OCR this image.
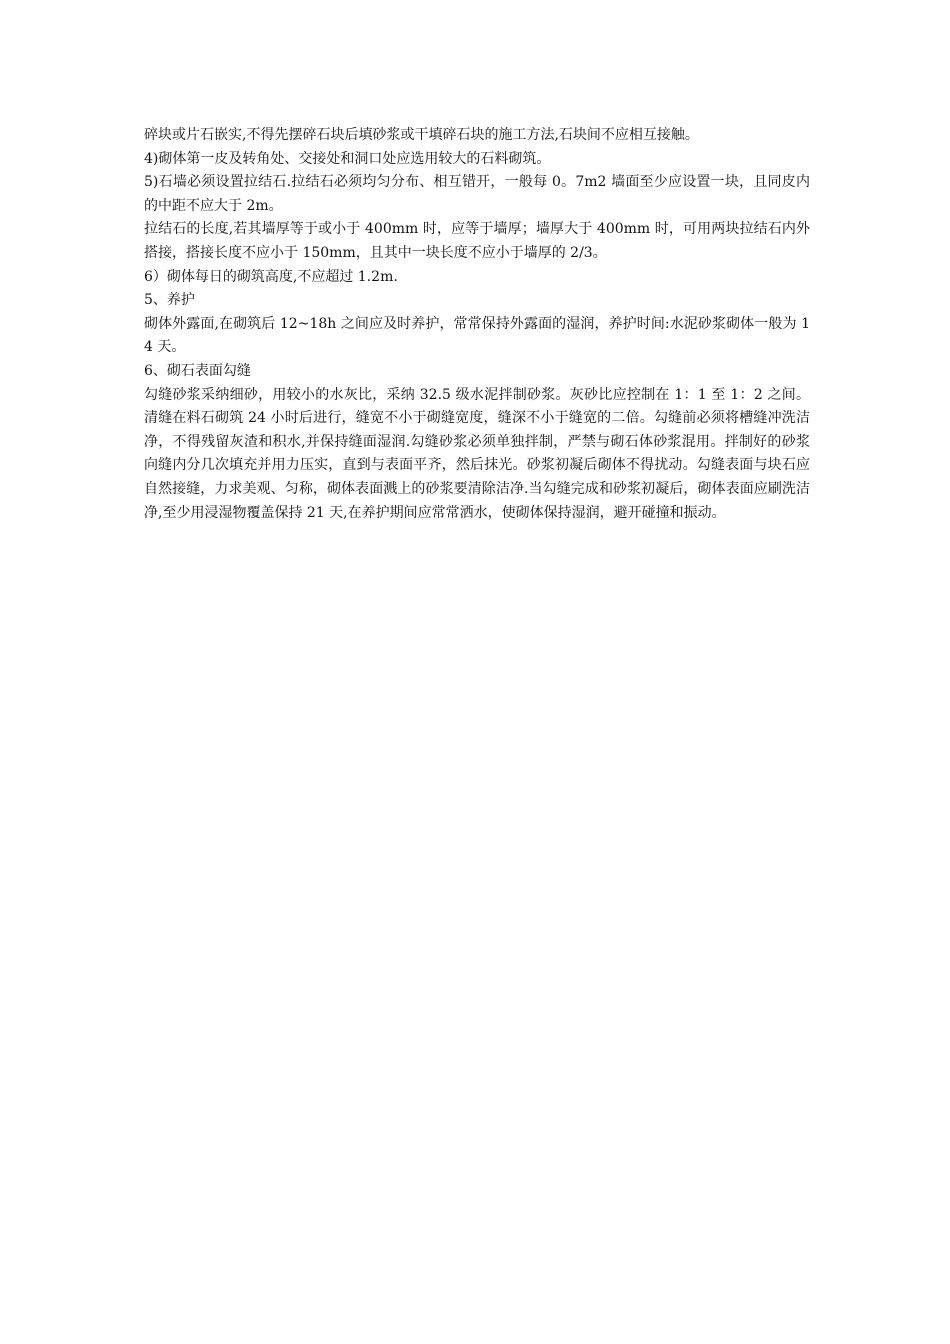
碎块或片石嵌实,不得先摆碎石块后填砂浆或干填碎石块的施工方法,石块间不应相互接触。

4)砌体第一皮及转角处、交接处和洞口处应选用较大的石料砌筑。

5)石墙必须设置拉结石.拉结石必须均匀分布、相互错开，一般每 0。7m2 墙面至少应设置一块，且同皮内的中距不应大于 2m。

拉结石的长度,若其墙厚等于或小于 400mm 时，应等于墙厚；墙厚大于 400mm 时，可用两块拉结石内外搭接，搭接长度不应小于 150mm，且其中一块长度不应小于墙厚的 2/3。

6）砌体每日的砌筑高度,不应超过 1.2m.

5、养护

砌体外露面,在砌筑后 12~18h 之间应及时养护，常常保持外露面的湿润，养护时间:水泥砂浆砌体一般为 14 天。

6、砌石表面勾缝

勾缝砂浆采纳细砂，用较小的水灰比，采纳 32.5 级水泥拌制砂浆。灰砂比应控制在 1：1 至 1：2 之间。清缝在料石砌筑 24 小时后进行，缝宽不小于砌缝宽度，缝深不小于缝宽的二倍。勾缝前必须将槽缝冲洗洁净，不得残留灰渣和积水,并保持缝面湿润.勾缝砂浆必须单独拌制，严禁与砌石体砂浆混用。拌制好的砂浆向缝内分几次填充并用力压实，直到与表面平齐，然后抹光。砂浆初凝后砌体不得扰动。勾缝表面与块石应自然接缝，力求美观、匀称，砌体表面溅上的砂浆要清除洁净.当勾缝完成和砂浆初凝后，砌体表面应刷洗洁净,至少用浸湿物覆盖保持 21 天,在养护期间应常常洒水，使砌体保持湿润，避开碰撞和振动。
